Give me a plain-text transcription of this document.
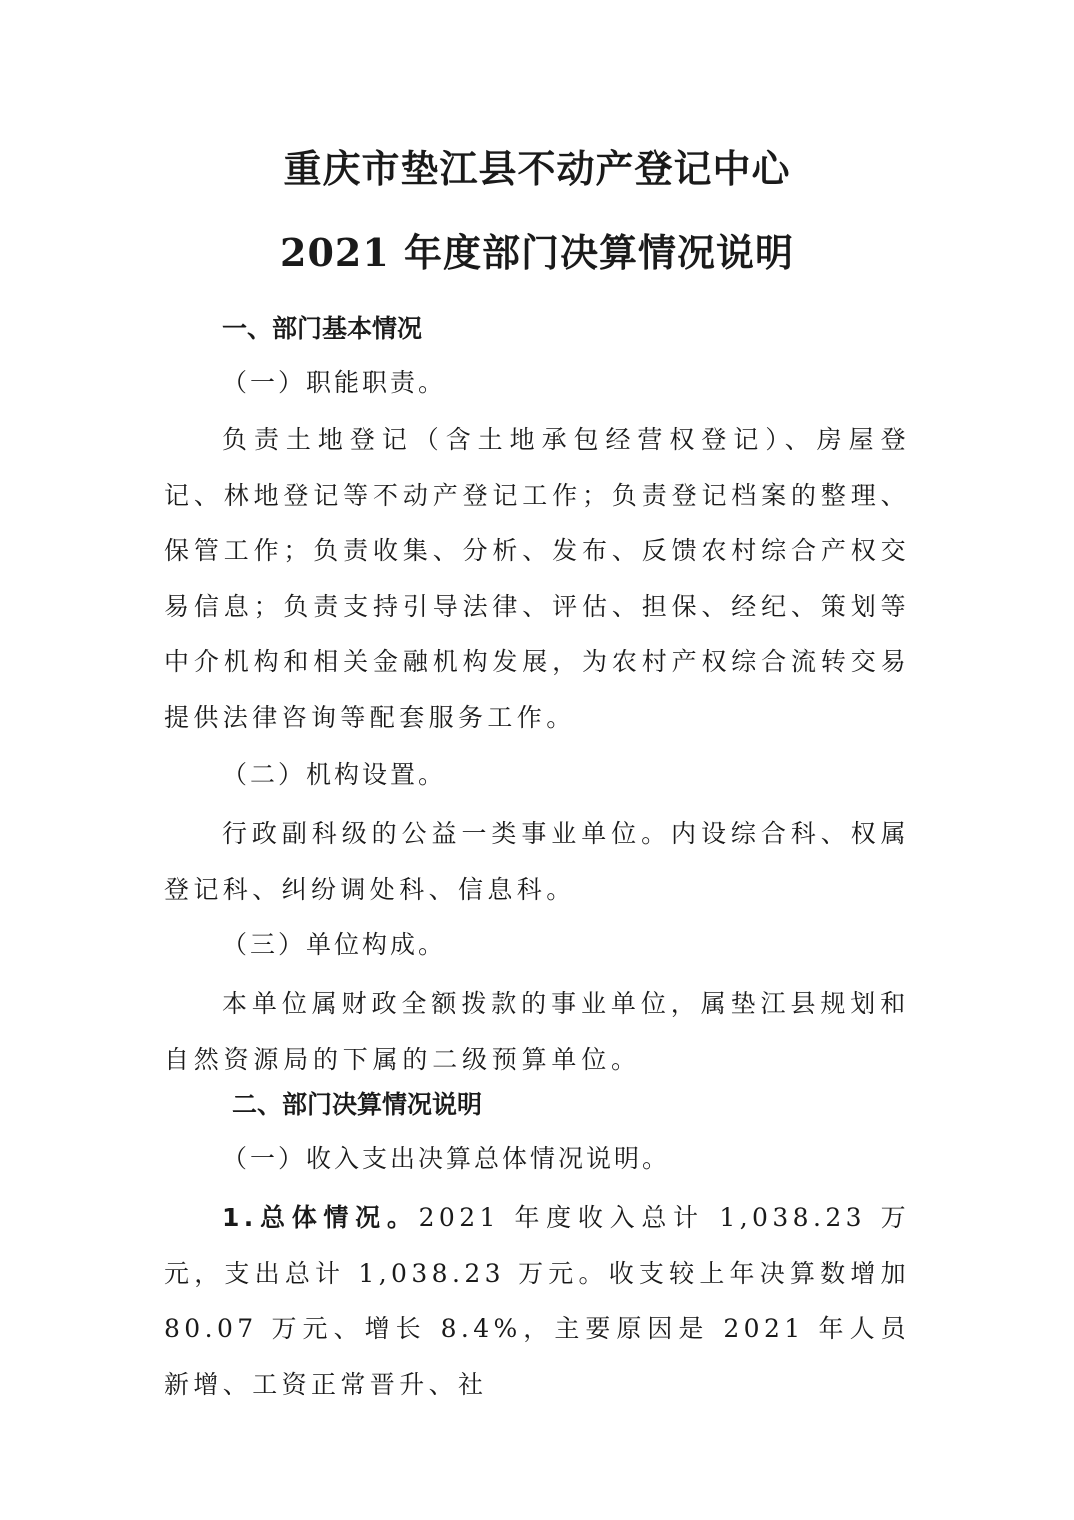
重庆市垫江县不动产登记中心
2021 年度部门决算情况说明
一、部门基本情况
（一）职能职责。

负责土地登记（含土地承包经营权登记）、房屋登记、林地登记等不动产登记工作；负责登记档案的整理、保管工作；负责收集、分析、发布、反馈农村综合产权交易信息；负责支持引导法律、评估、担保、经纪、策划等中介机构和相关金融机构发展，为农村产权综合流转交易提供法律咨询等配套服务工作。

（二）机构设置。

行政副科级的公益一类事业单位。内设综合科、权属登记科、纠纷调处科、信息科。

（三）单位构成。

本单位属财政全额拨款的事业单位，属垫江县规划和自然资源局的下属的二级预算单位。

二、部门决算情况说明
（一）收入支出决算总体情况说明。

1.总体情况。2021 年度收入总计 1,038.23 万元，支出总计 1,038.23 万元。收支较上年决算数增加 80.07 万元、增长 8.4%，主要原因是 2021 年人员新增、工资正常晋升、社
